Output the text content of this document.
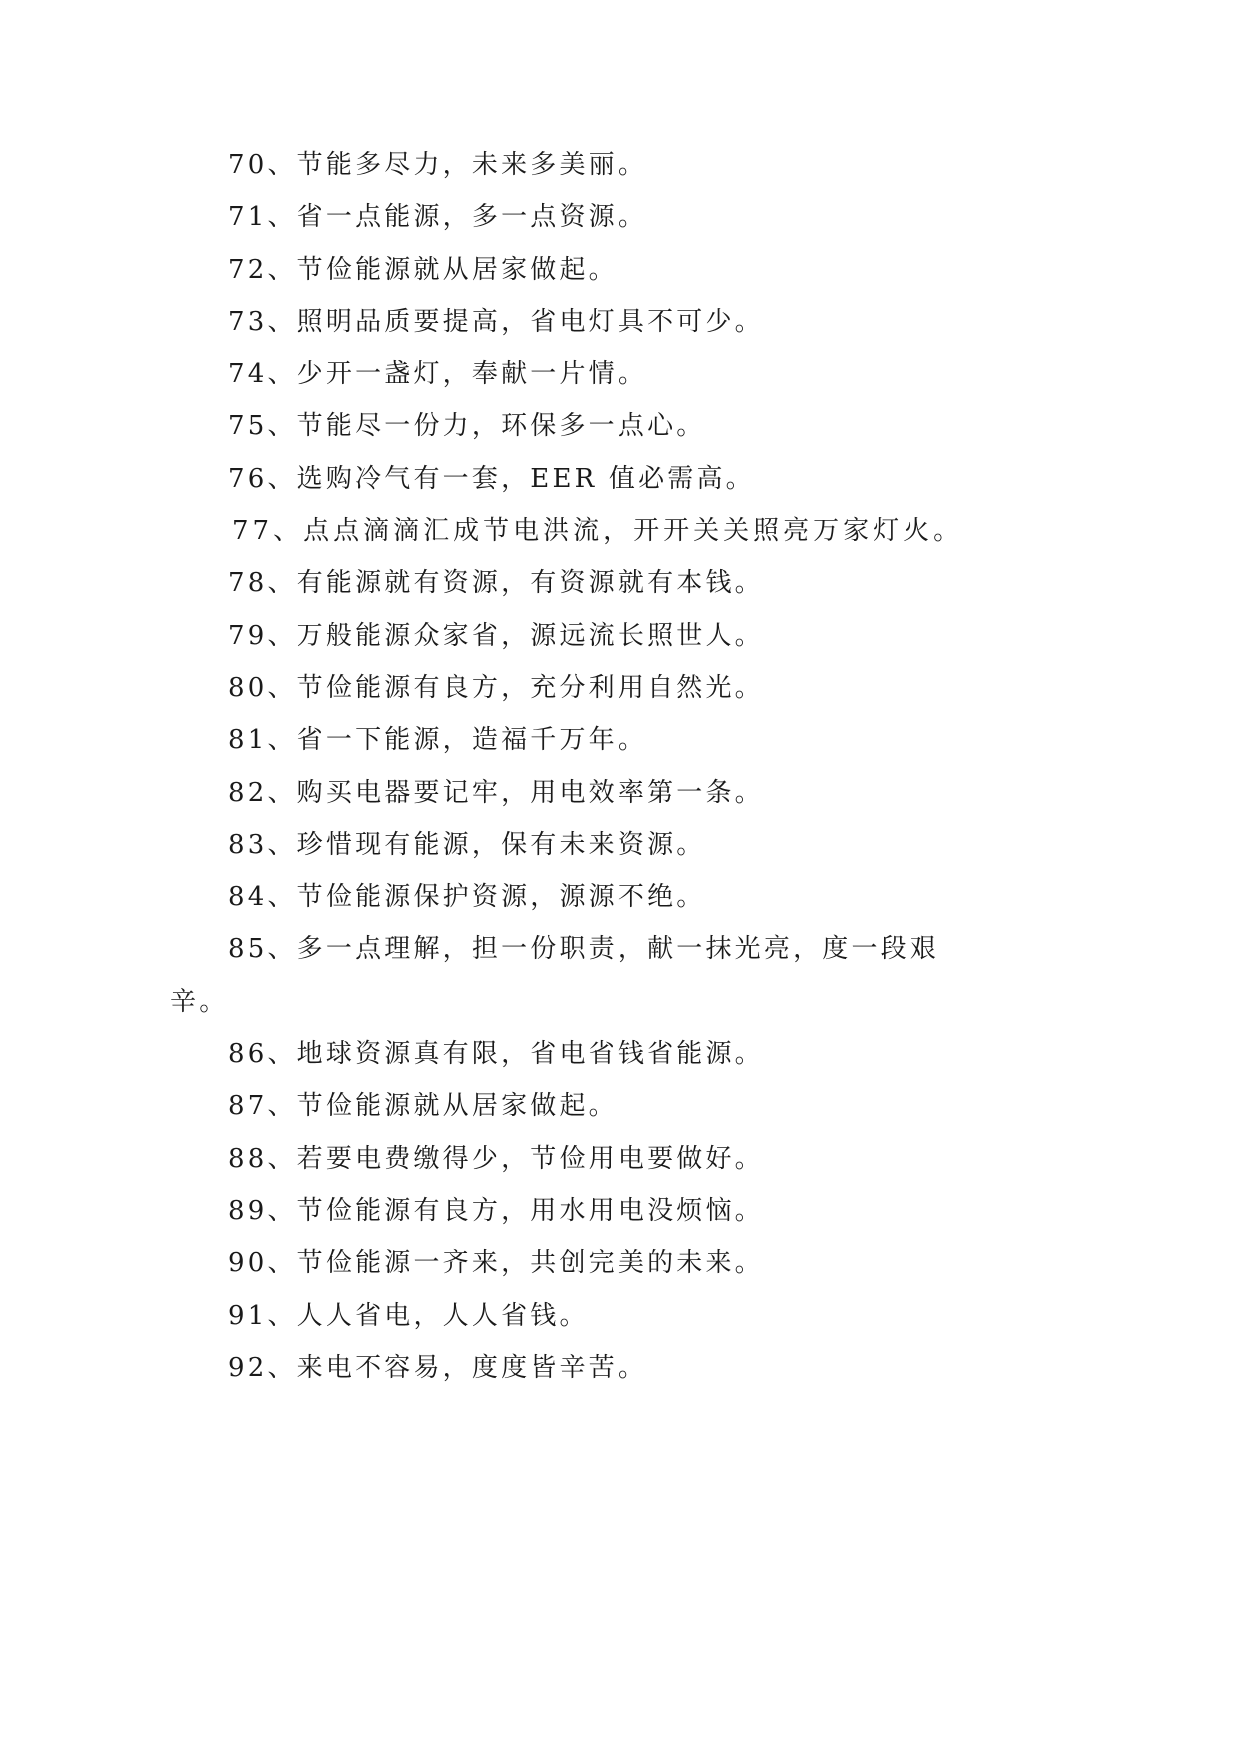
70、节能多尽力，未来多美丽。
71、省一点能源，多一点资源。
72、节俭能源就从居家做起。
73、照明品质要提高，省电灯具不可少。
74、少开一盏灯，奉献一片情。
75、节能尽一份力，环保多一点心。
76、选购冷气有一套，EER 值必需高。
77、点点滴滴汇成节电洪流，开开关关照亮万家灯火。
78、有能源就有资源，有资源就有本钱。
79、万般能源众家省，源远流长照世人。
80、节俭能源有良方，充分利用自然光。
81、省一下能源，造福千万年。
82、购买电器要记牢，用电效率第一条。
83、珍惜现有能源，保有未来资源。
84、节俭能源保护资源，源源不绝。
85、多一点理解，担一份职责，献一抹光亮，度一段艰辛。
86、地球资源真有限，省电省钱省能源。
87、节俭能源就从居家做起。
88、若要电费缴得少，节俭用电要做好。
89、节俭能源有良方，用水用电没烦恼。
90、节俭能源一齐来，共创完美的未来。
91、人人省电，人人省钱。
92、来电不容易，度度皆辛苦。
